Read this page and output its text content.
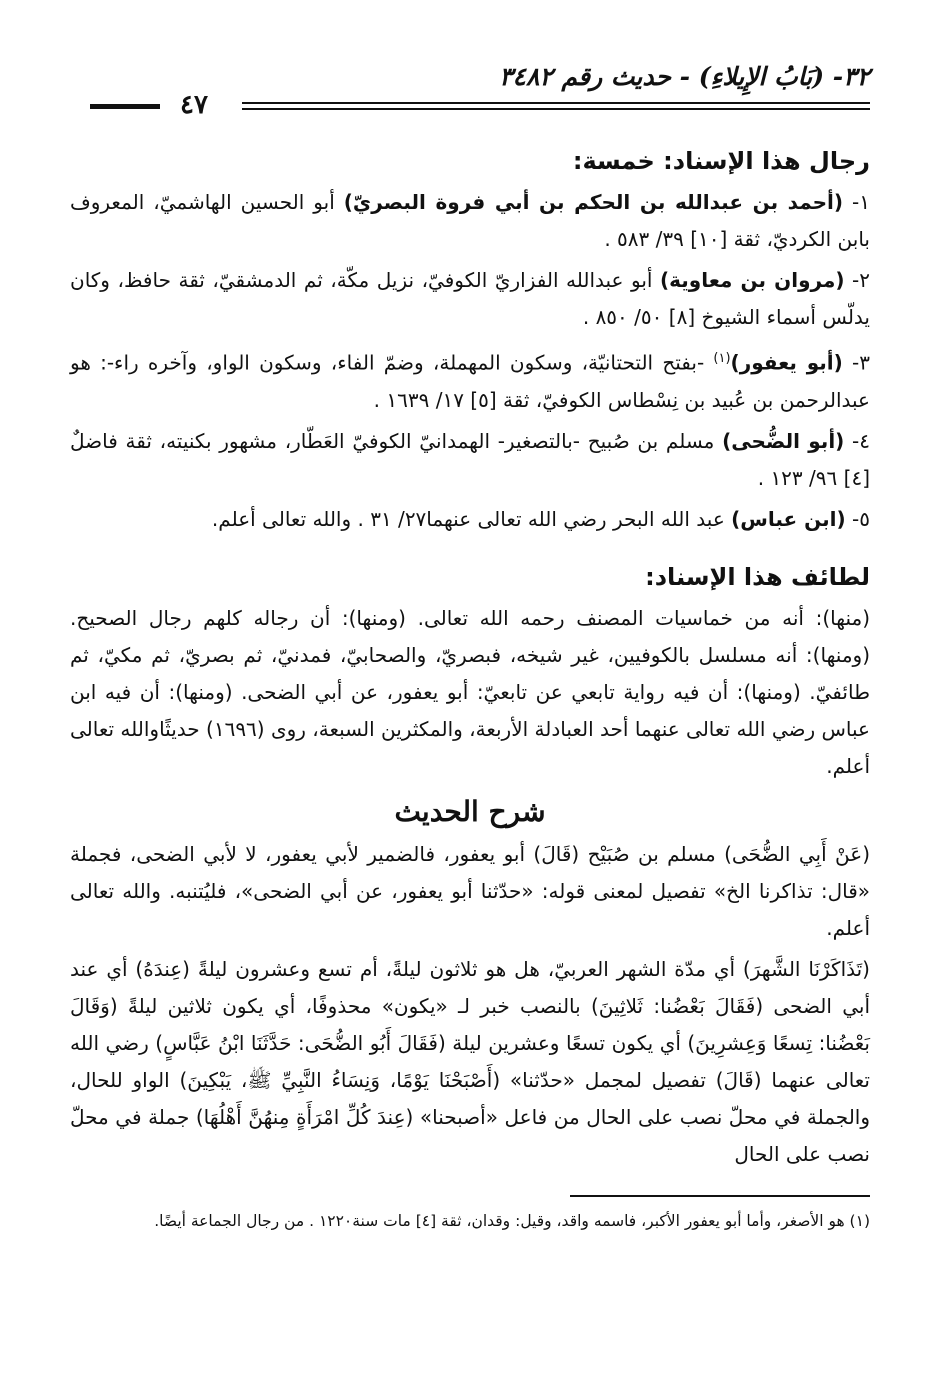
٣٢- (بَابُ الإِيلاءِ) - حديث رقم ٣٤٨٢
٤٧
رجال هذا الإسناد: خمسة:

١- (أحمد بن عبدالله بن الحكم بن أبي فروة البصريّ) أبو الحسين الهاشميّ، المعروف بابن الكرديّ، ثقة [١٠] ٣٩/ ٥٨٣ .

٢- (مروان بن معاوية) أبو عبدالله الفزاريّ الكوفيّ، نزيل مكّة، ثم الدمشقيّ، ثقة حافظ، وكان يدلّس أسماء الشيوخ [٨] ٥٠/ ٨٥٠ .

٣- (أبو يعفور)$^{(١)}$ -بفتح التحتانيّة، وسكون المهملة، وضمّ الفاء، وسكون الواو، وآخره راء-: هو عبدالرحمن بن عُبيد بن نِسْطاس الكوفيّ، ثقة [٥] ١٧/ ١٦٣٩ .

٤- (أبو الضُّحى) مسلم بن صُبيح -بالتصغير- الهمدانيّ الكوفيّ العَطّار، مشهور بكنيته، ثقة فاضلٌ [٤] ٩٦/ ١٢٣ .

٥- (ابن عباس) عبد الله البحر رضي الله تعالى عنهما٢٧/ ٣١ . والله تعالى أعلم.

لطائف هذا الإسناد:

(منها): أنه من خماسيات المصنف رحمه الله تعالى. (ومنها): أن رجاله كلهم رجال الصحيح. (ومنها): أنه مسلسل بالكوفيين، غير شيخه، فبصريّ، والصحابيّ، فمدنيّ، ثم بصريّ، ثم مكيّ، ثم طائفيّ. (ومنها): أن فيه رواية تابعي عن تابعيّ: أبو يعفور، عن أبي الضحى. (ومنها): أن فيه ابن عباس رضي الله تعالى عنهما أحد العبادلة الأربعة، والمكثرين السبعة، روى (١٦٩٦) حديثًاوالله تعالى أعلم.

شرح الحديث

(عَنْ أَبِي الضُّحَى) مسلم بن صُبَيْح (قَالَ) أبو يعفور، فالضمير لأبي يعفور، لا لأبي الضحى، فجملة «قال: تذاكرنا الخ» تفصيل لمعنى قوله: «حدّثنا أبو يعفور، عن أبي الضحى»، فليُتنبه. والله تعالى أعلم.

(تَذَاكَرْنَا الشَّهرَ) أي مدّة الشهر العربيّ، هل هو ثلاثون ليلةً، أم تسع وعشرون ليلةً (عِندَهُ) أي عند أبي الضحى (فَقَالَ بَعْضُنا: ثَلاثِينَ) بالنصب خبر لـ «يكون» محذوفًا، أي يكون ثلاثين ليلةً (وَقَالَ بَعْضُنا: تِسعًا وَعِشرِينَ) أي يكون تسعًا وعشرين ليلة (فَقَالَ أَبُو الضُّحَى: حَدَّثَنَا ابْنُ عَبَّاسٍ) رضي الله تعالى عنهما (قَالَ) تفصيل لمجمل «حدّثنا» (أَصْبَحْنَا يَوْمًا، وَنِسَاءُ النَّبِيِّ ﷺ، يَبْكِينَ) الواو للحال، والجملة في محلّ نصب على الحال من فاعل «أصبحنا» (عِندَ كُلِّ امْرَأَةٍ مِنهُنَّ أَهْلُهَا) جملة في محلّ نصب على الحال

(١) هو الأصغر، وأما أبو يعفور الأكبر، فاسمه واقد، وقيل: وقدان، ثقة [٤] مات سنة١٢٢٠ . من رجال الجماعة أيضًا.
